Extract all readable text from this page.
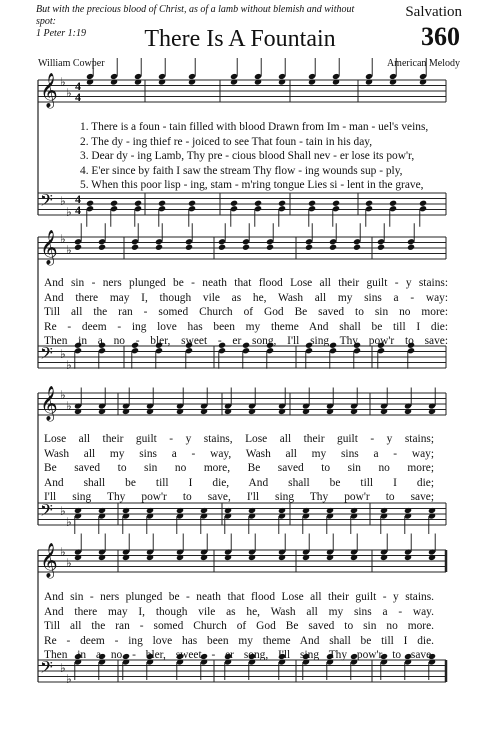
But with the precious blood of Christ, as of a lamb without blemish and without spot:
1 Peter 1:19
Salvation
360
There Is A Fountain
William Cowper	American Melody
𝄞 ♭
♭ 4
4
𝄢 ♭
♭
4
4
𝄞 ♭
♭
𝄢 ♭
♭
𝄞 ♭
♭
𝄢 ♭
♭
𝄞 ♭
♭
𝄢 ♭
♭
1. There is a foun - tain filled with blood Drawn from Im - man - uel's veins,
2. The dy - ing thief re - joiced to see That foun - tain in his day,
3. Dear dy - ing Lamb, Thy pre - cious blood Shall nev - er lose its pow'r,
4. E'er since by faith I saw the stream Thy flow - ing wounds sup - ply,
5. When this poor lisp - ing, stam - m'ring tongue Lies si - lent in the grave,
And sin - ners plunged be - neath that flood Lose all their guilt - y stains:
And there may I, though vile as he, Wash all my sins a - way:
Till all the ran - somed Church of God Be saved to sin no more:
Re - deem - ing love has been my theme And shall be till I die:
Then in a no - bler, sweet - er song, I'll sing Thy pow'r to save:
Lose all their guilt - y stains, Lose all their guilt - y stains;
Wash all my sins a - way, Wash all my sins a - way;
Be saved to sin no more, Be saved to sin no more;
And shall be till I die, And shall be till I die;
I'll sing Thy pow'r to save, I'll sing Thy pow'r to save;
And sin - ners plunged be - neath that flood Lose all their guilt - y stains.
And there may I, though vile as he, Wash all my sins a - way.
Till all the ran - somed Church of God Be saved to sin no more.
Re - deem - ing love has been my theme And shall be till I die.
Then in a no - bler, sweet - er song, I'll sing Thy pow'r to save.
